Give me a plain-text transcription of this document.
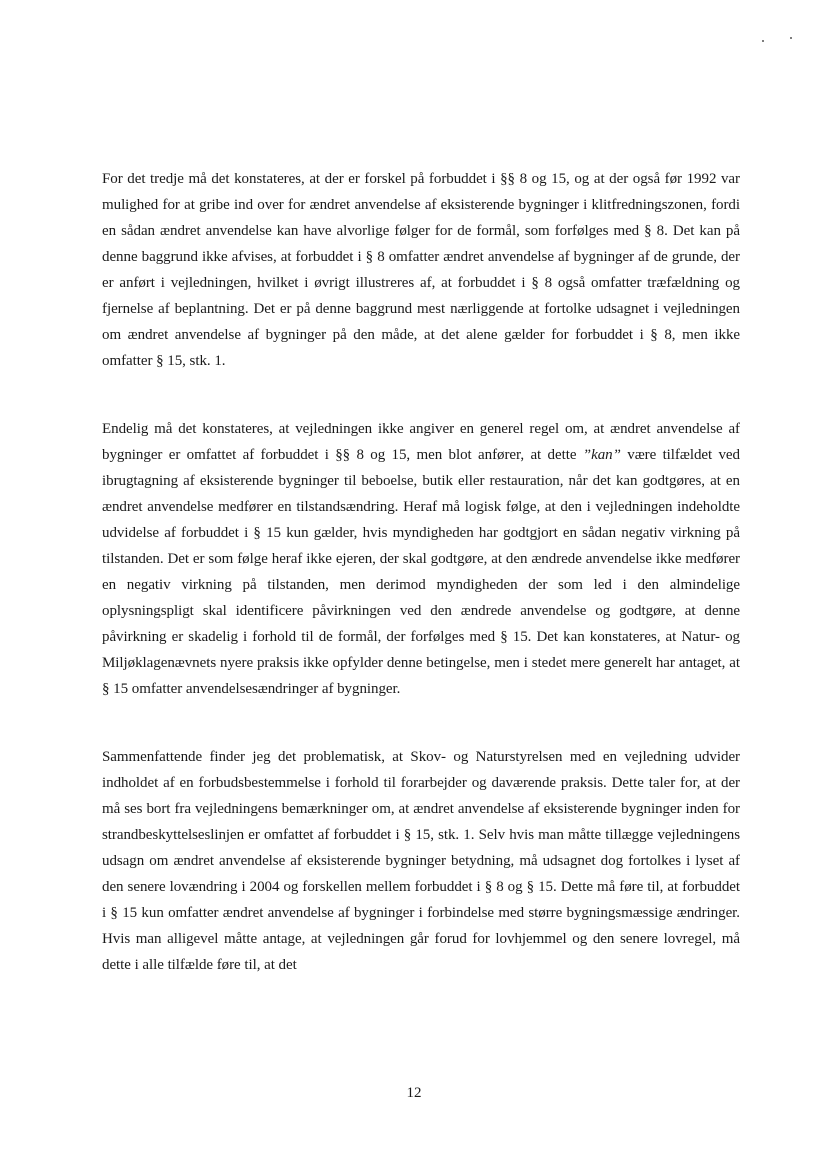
For det tredje må det konstateres, at der er forskel på forbuddet i §§ 8 og 15, og at der også før 1992 var mulighed for at gribe ind over for ændret anvendelse af eksisterende bygninger i klitfredningszonen, fordi en sådan ændret anvendelse kan have alvorlige følger for de formål, som forfølges med § 8. Det kan på denne baggrund ikke afvises, at forbuddet i § 8 omfatter ændret anvendelse af bygninger af de grunde, der er anført i vejledningen, hvilket i øvrigt illustreres af, at forbuddet i § 8 også omfatter træfældning og fjernelse af beplantning. Det er på denne baggrund mest nærliggende at fortolke udsagnet i vejledningen om ændret anvendelse af bygninger på den måde, at det alene gælder for forbuddet i § 8, men ikke omfatter § 15, stk. 1.

Endelig må det konstateres, at vejledningen ikke angiver en generel regel om, at ændret anvendelse af bygninger er omfattet af forbuddet i §§ 8 og 15, men blot anfører, at dette ”kan” være tilfældet ved ibrugtagning af eksisterende bygninger til beboelse, butik eller restauration, når det kan godtgøres, at en ændret anvendelse medfører en tilstandsændring. Heraf må logisk følge, at den i vejledningen indeholdte udvidelse af forbuddet i § 15 kun gælder, hvis myndigheden har godtgjort en sådan negativ virkning på tilstanden. Det er som følge heraf ikke ejeren, der skal godtgøre, at den ændrede anvendelse ikke medfører en negativ virkning på tilstanden, men derimod myndigheden der som led i den almindelige oplysningspligt skal identificere påvirkningen ved den ændrede anvendelse og godtgøre, at denne påvirkning er skadelig i forhold til de formål, der forfølges med § 15. Det kan konstateres, at Natur- og Miljøklagenævnets nyere praksis ikke opfylder denne betingelse, men i stedet mere generelt har antaget, at § 15 omfatter anvendelsesændringer af bygninger.

Sammenfattende finder jeg det problematisk, at Skov- og Naturstyrelsen med en vejledning udvider indholdet af en forbudsbestemmelse i forhold til forarbejder og daværende praksis. Dette taler for, at der må ses bort fra vejledningens bemærkninger om, at ændret anvendelse af eksisterende bygninger inden for strandbeskyttelseslinjen er omfattet af forbuddet i § 15, stk. 1. Selv hvis man måtte tillægge vejledningens udsagn om ændret anvendelse af eksisterende bygninger betydning, må udsagnet dog fortolkes i lyset af den senere lovændring i 2004 og forskellen mellem forbuddet i § 8 og § 15. Dette må føre til, at forbuddet i § 15 kun omfatter ændret anvendelse af bygninger i forbindelse med større bygningsmæssige ændringer. Hvis man alligevel måtte antage, at vejledningen går forud for lovhjemmel og den senere lovregel, må dette i alle tilfælde føre til, at det

12
